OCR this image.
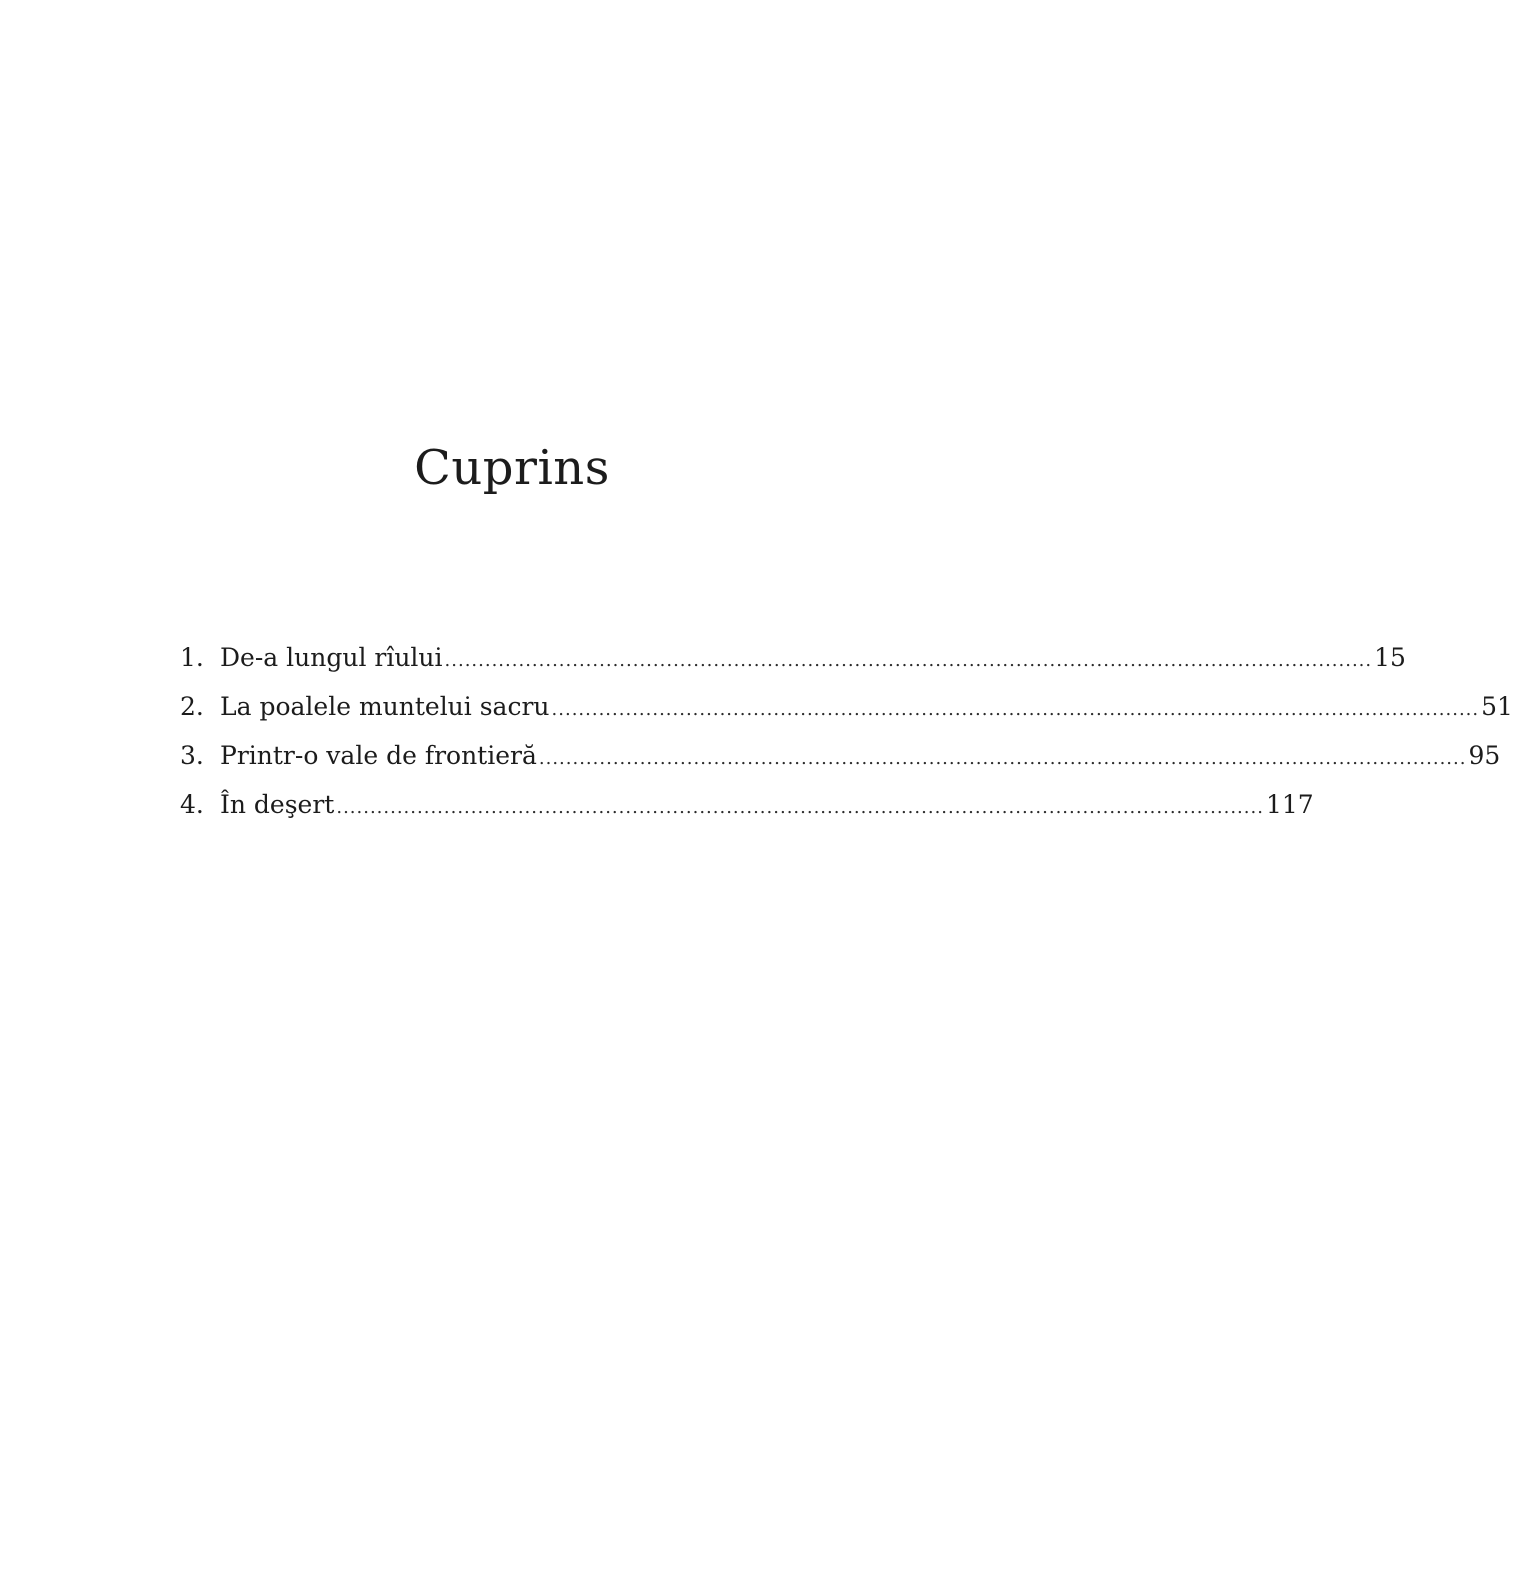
Cuprins
1. De-a lungul rîului .......................................................................................................................................... 15
2. La poalele muntelui sacru .......................................................................................................................................... 51
3. Printr-o vale de frontieră .......................................................................................................................................... 95
4. În deşert .......................................................................................................................................... 117
